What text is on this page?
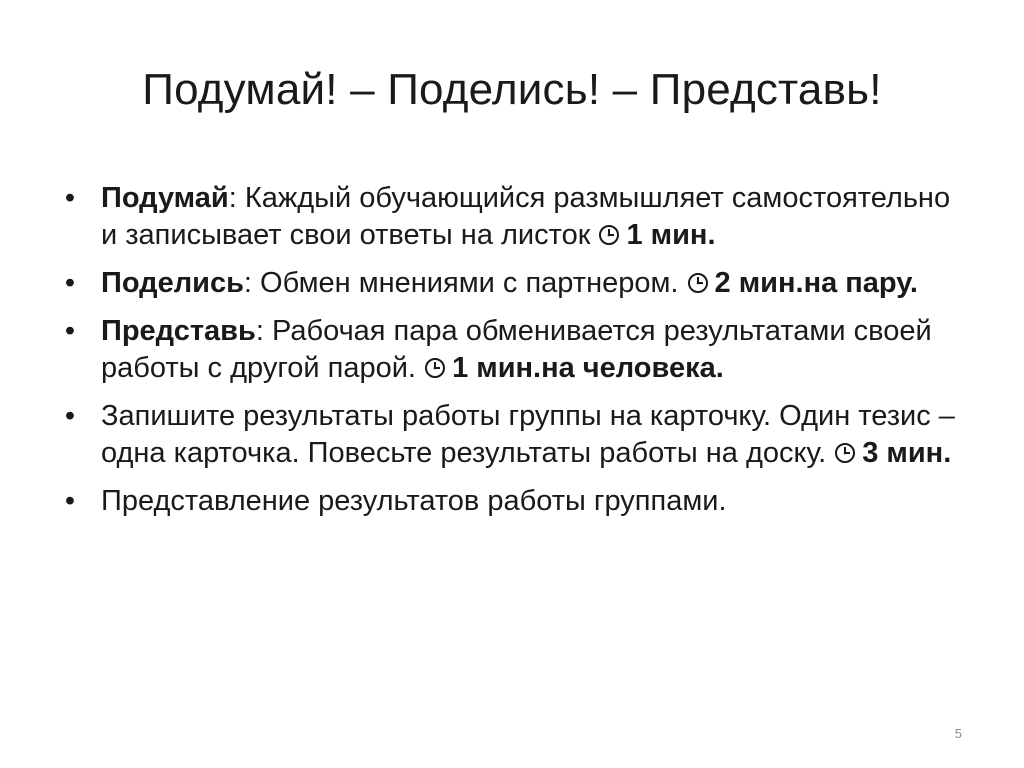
Подумай! – Поделись! – Представь!
• Подумай: Каждый обучающийся размышляет самостоятельно и записывает свои ответы на листок 1 мин.
• Поделись: Обмен мнениями с партнером. 2 мин.на пару.
• Представь: Рабочая пара обменивается результатами своей работы с другой парой. 1 мин.на человека.
• Запишите результаты работы группы на карточку. Один тезис – одна карточка. Повесьте результаты работы на доску. 3 мин.
• Представление результатов работы группами.
5
